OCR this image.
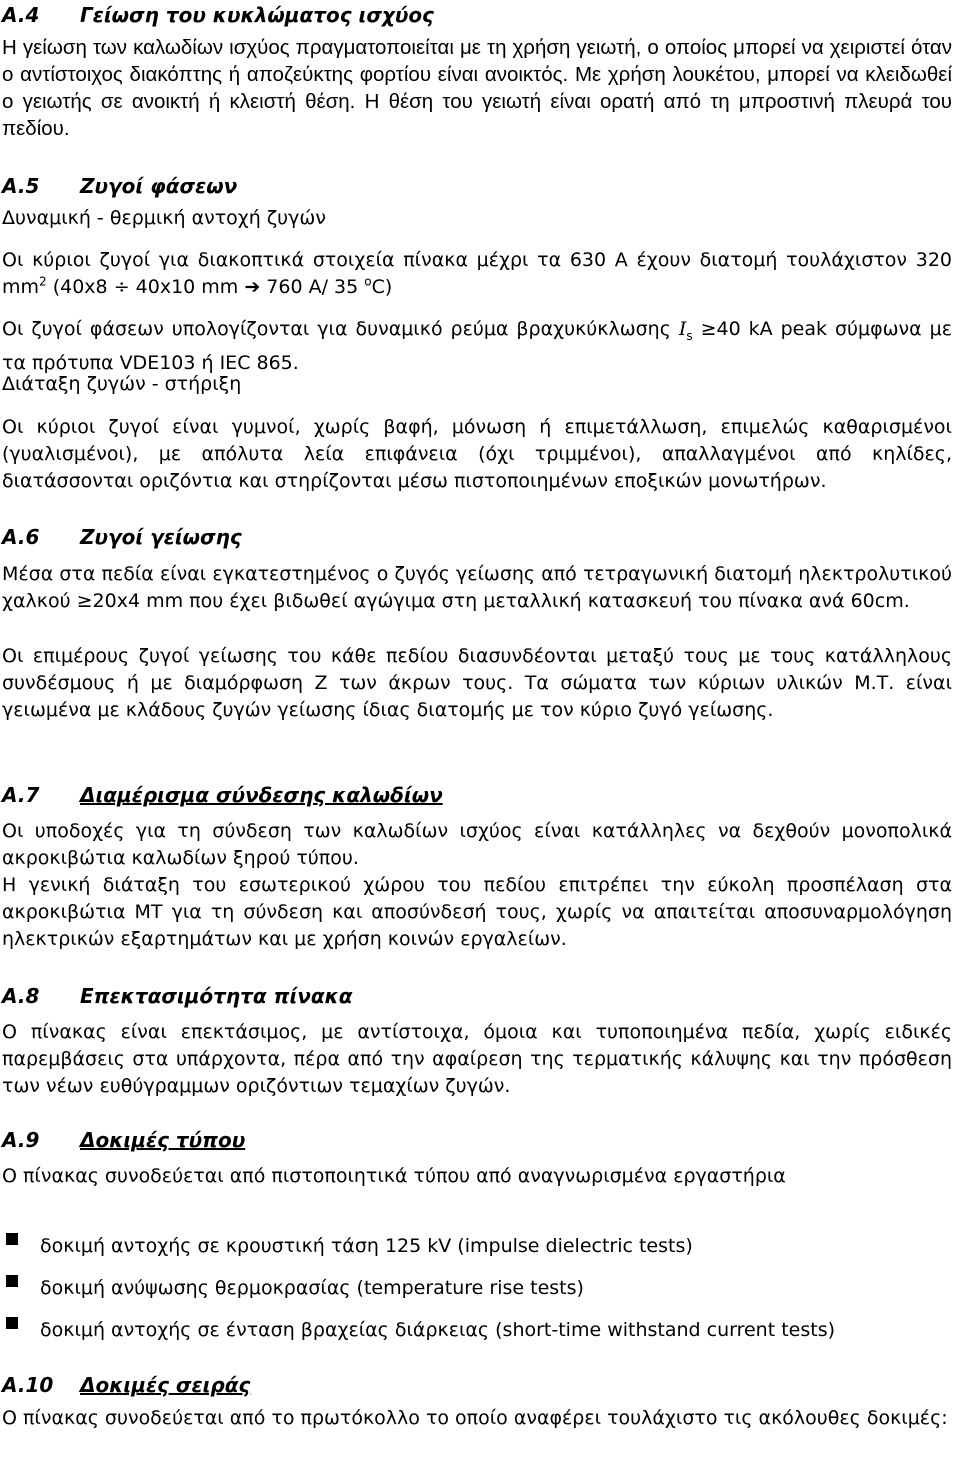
A.4 Γείωση του κυκλώματος ισχύος

Η γείωση των καλωδίων ισχύος πραγματοποιείται με τη χρήση γειωτή, ο οποίος μπορεί να χειριστεί όταν ο αντίστοιχος διακόπτης ή αποζεύκτης φορτίου είναι ανοικτός. Με χρήση λουκέτου, μπορεί να κλειδωθεί ο γειωτής σε ανοικτή ή κλειστή θέση. Η θέση του γειωτή είναι ορατή από τη μπροστινή πλευρά του πεδίου.

A.5 Ζυγοί φάσεων

Δυναμική - θερμική αντοχή ζυγών

Οι κύριοι ζυγοί για διακοπτικά στοιχεία πίνακα μέχρι τα 630 Α έχουν διατομή τουλάχιστον 320 $mm^2$ (40x8 ÷ 40x10 mm ➔ 760 A/ 35 $^o$C)

Οι ζυγοί φάσεων υπολογίζονται για δυναμικό ρεύμα βραχυκύκλωσης $I_s \ge 40$ kA peak σύμφωνα με τα πρότυπα VDE103 ή IEC 865.

Διάταξη ζυγών - στήριξη

Οι κύριοι ζυγοί είναι γυμνοί, χωρίς βαφή, μόνωση ή επιμετάλλωση, επιμελώς καθαρισμένοι (γυαλισμένοι), με απόλυτα λεία επιφάνεια (όχι τριμμένοι), απαλλαγμένοι από κηλίδες, διατάσσονται οριζόντια και στηρίζονται μέσω πιστοποιημένων εποξικών μονωτήρων.

A.6 Ζυγοί γείωσης

Μέσα στα πεδία είναι εγκατεστημένος ο ζυγός γείωσης από τετραγωνική διατομή ηλεκτρολυτικού χαλκού ≥20x4 mm που έχει βιδωθεί αγώγιμα στη μεταλλική κατασκευή του πίνακα ανά 60cm.

Οι επιμέρους ζυγοί γείωσης του κάθε πεδίου διασυνδέονται μεταξύ τους με τους κατάλληλους συνδέσμους ή με διαμόρφωση Ζ των άκρων τους. Τα σώματα των κύριων υλικών Μ.Τ. είναι γειωμένα με κλάδους ζυγών γείωσης ίδιας διατομής με τον κύριο ζυγό γείωσης.

A.7 Διαμέρισμα σύνδεσης καλωδίων

Οι υποδοχές για τη σύνδεση των καλωδίων ισχύος είναι κατάλληλες να δεχθούν μονοπολικά ακροκιβώτια καλωδίων ξηρού τύπου.

Η γενική διάταξη του εσωτερικού χώρου του πεδίου επιτρέπει την εύκολη προσπέλαση στα ακροκιβώτια ΜΤ για τη σύνδεση και αποσύνδεσή τους, χωρίς να απαιτείται αποσυναρμολόγηση ηλεκτρικών εξαρτημάτων και με χρήση κοινών εργαλείων.

A.8 Επεκτασιμότητα πίνακα

Ο πίνακας είναι επεκτάσιμος, με αντίστοιχα, όμοια και τυποποιημένα πεδία, χωρίς ειδικές παρεμβάσεις στα υπάρχοντα, πέρα από την αφαίρεση της τερματικής κάλυψης και την πρόσθεση των νέων ευθύγραμμων οριζόντιων τεμαχίων ζυγών.

A.9 Δοκιμές τύπου

Ο πίνακας συνοδεύεται από πιστοποιητικά τύπου από αναγνωρισμένα εργαστήρια

δοκιμή αντοχής σε κρουστική τάση 125 kV (impulse dielectric tests)
δοκιμή ανύψωσης θερμοκρασίας (temperature rise tests)
δοκιμή αντοχής σε ένταση βραχείας διάρκειας (short-time withstand current tests)
A.10 Δοκιμές σειράς

Ο πίνακας συνοδεύεται από το πρωτόκολλο το οποίο αναφέρει τουλάχιστο τις ακόλουθες δοκιμές:
